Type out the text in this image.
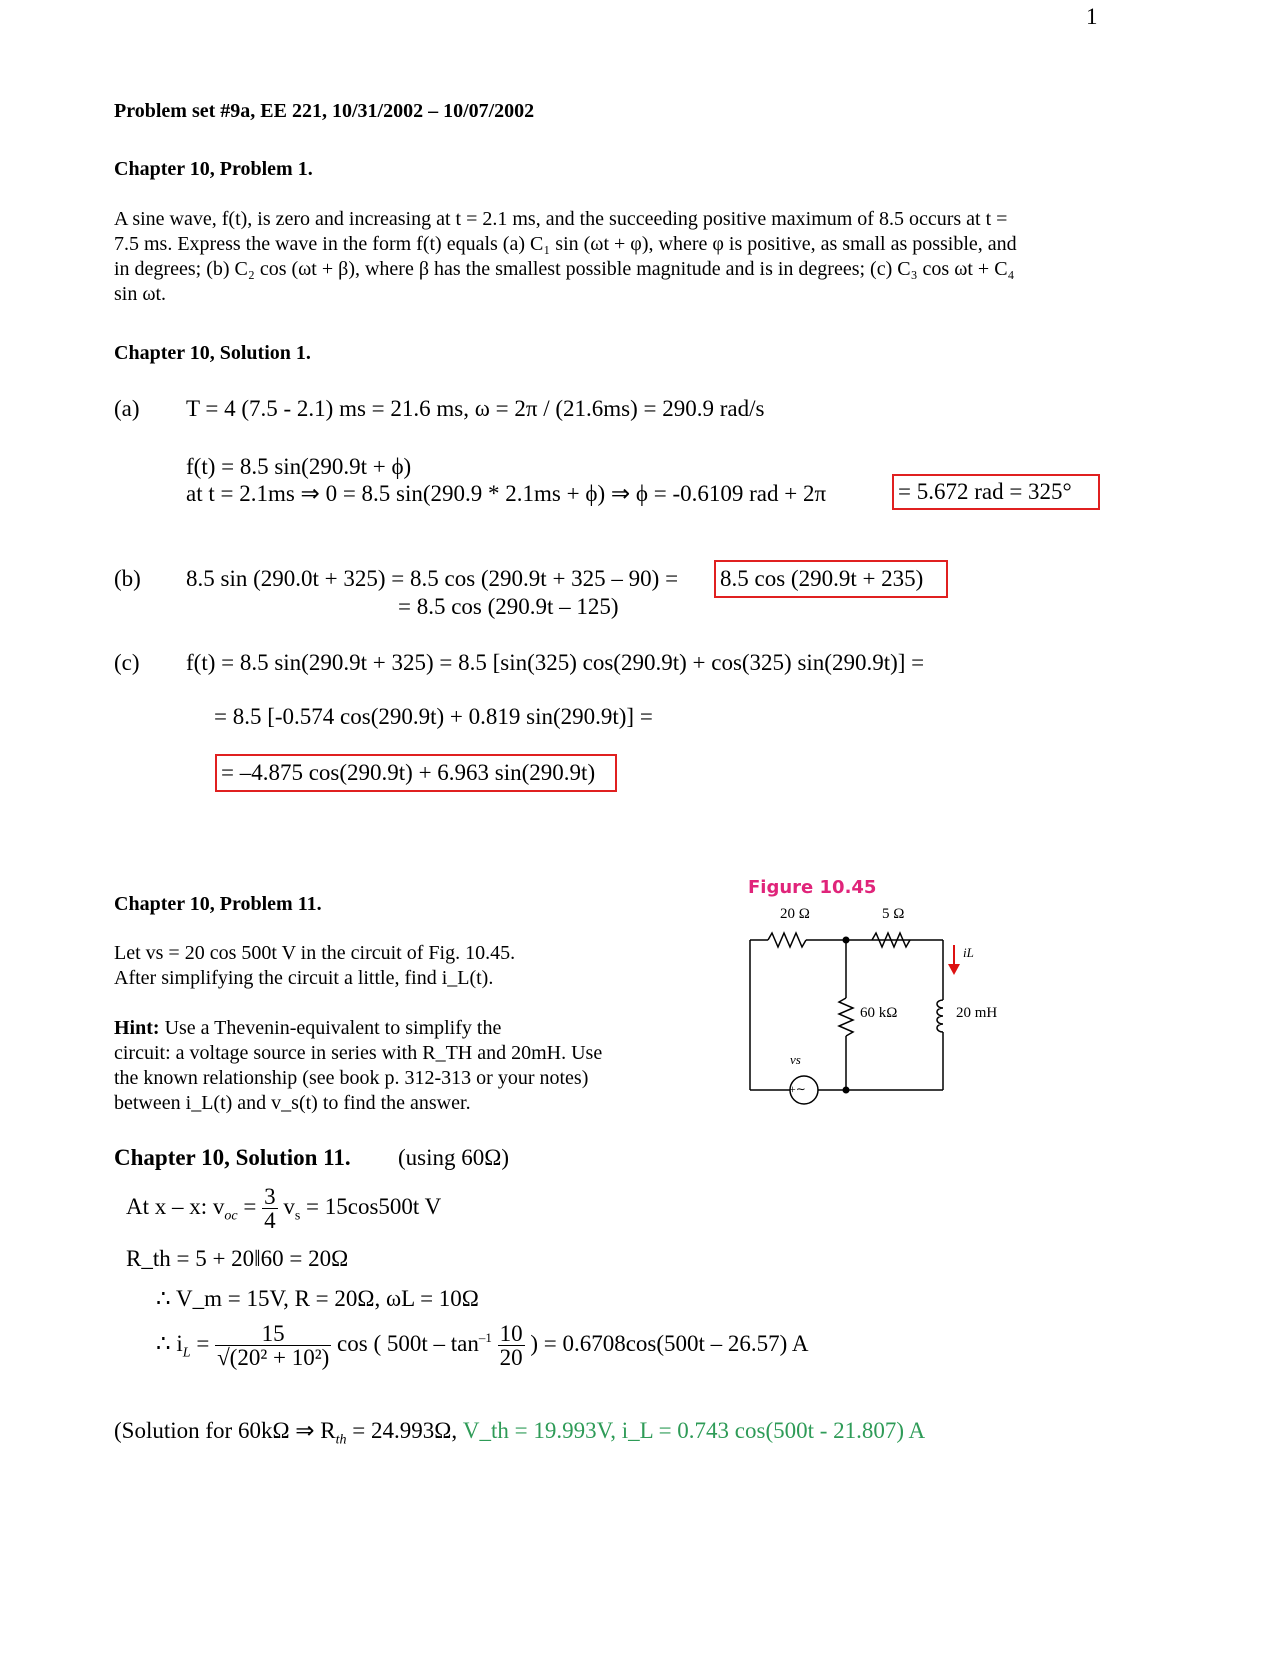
1
Problem set #9a, EE 221, 10/31/2002 – 10/07/2002
Chapter 10, Problem 1.
A sine wave, f(t), is zero and increasing at t = 2.1 ms, and the succeeding positive maximum of 8.5 occurs at t =
7.5 ms. Express the wave in the form f(t) equals (a) C₁ sin (ωt + φ), where φ is positive, as small as possible, and
in degrees; (b) C₂ cos (ωt + β), where β has the smallest possible magnitude and is in degrees; (c) C₃ cos ωt + C₄
sin ωt.
Chapter 10, Solution 1.
(a) T = 4 (7.5 - 2.1) ms = 21.6 ms, ω = 2π / (21.6ms) = 290.9 rad/s
f(t) = 8.5 sin(290.9t + ϕ)
at t = 2.1ms ⇒ 0 = 8.5 sin(290.9 * 2.1ms + ϕ) ⇒ ϕ = -0.6109 rad + 2π	= 5.672 rad = 325°
(b) 8.5 sin (290.0t + 325) = 8.5 cos (290.9t + 325 – 90) = 8.5 cos (290.9t + 235)
= 8.5 cos (290.9t – 125)
(c) f(t) = 8.5 sin(290.9t + 325) = 8.5 [sin(325) cos(290.9t) + cos(325) sin(290.9t)] =
= 8.5 [-0.574 cos(290.9t) + 0.819 sin(290.9t)] =
= –4.875 cos(290.9t) + 6.963 sin(290.9t)
Chapter 10, Problem 11.
Let vs = 20 cos 500t V in the circuit of Fig. 10.45.
After simplifying the circuit a little, find i_L(t).
Hint: Use a Thevenin-equivalent to simplify the
circuit: a voltage source in series with R_TH and 20mH. Use
the known relationship (see book p. 312-313 or your notes)
between i_L(t) and v_s(t) to find the answer.
Figure 10.45
20 Ω	5 Ω
60 kΩ	20 mH
iL
vs
+∼
Chapter 10, Solution 11. (using 60Ω)
At x – x: $v_{oc} = \frac{3}{4} v_s = 15\cos 500t$ V
R_th = 5 + 20‖60 = 20Ω
∴ V_m = 15V, R = 20Ω, ωL = 10Ω
∴ $i_L = \frac{15}{\text{√(20² + 10²)}}$ cos ( $500t - \tan^{-1} \frac{10}{20}$ ) = 0.6708cos(500t – 26.57) A
(Solution for 60kΩ ⇒ $R_{th} = 24.993\Omega$, V_th = 19.993V, i_L = 0.743 cos(500t - 21.807) A
